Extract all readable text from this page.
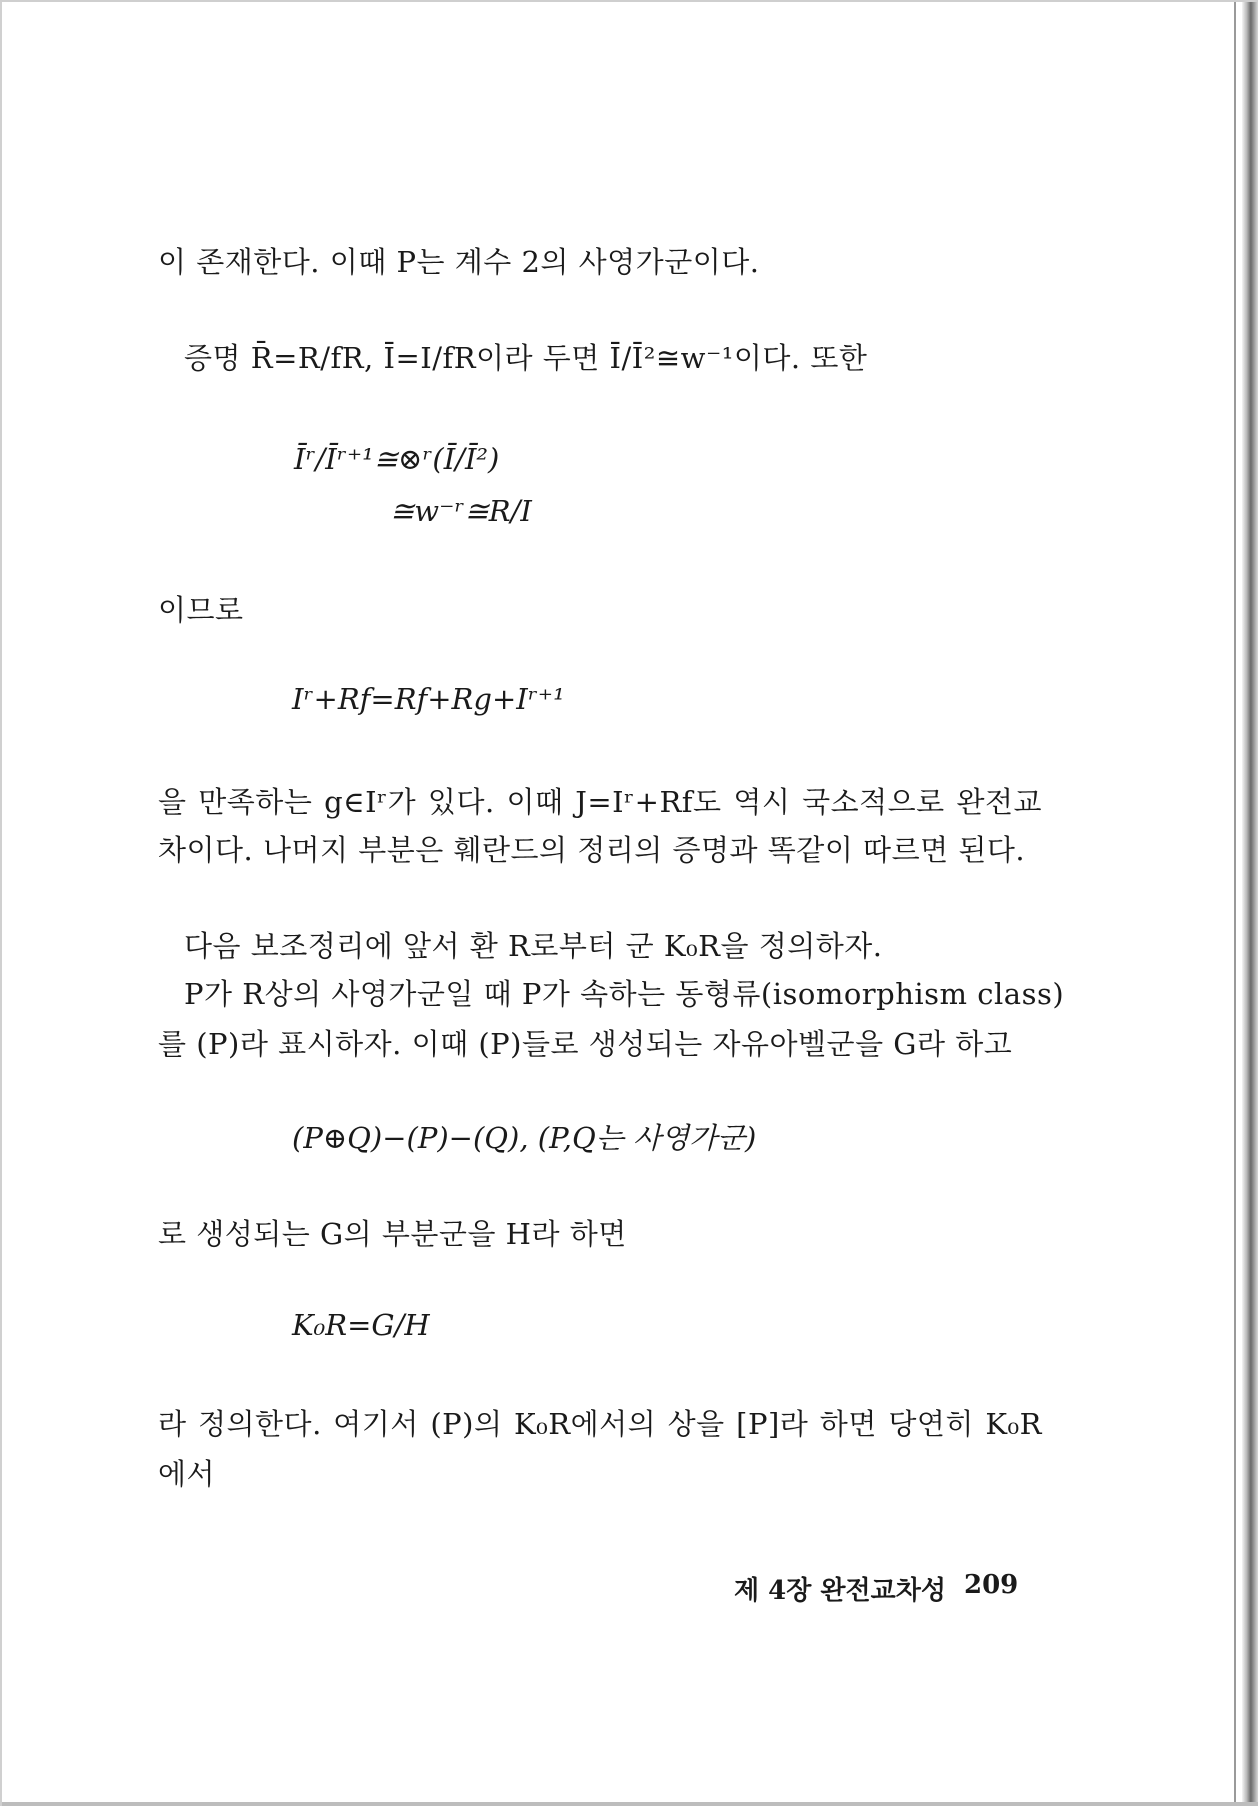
이 존재한다. 이때 P는 계수 2의 사영가군이다.
증명 R̄=R/fR, Ī=I/fR이라 두면 Ī/Ī²≅w⁻¹이다. 또한
Īʳ/Īʳ⁺¹≅⊗ʳ(Ī/Ī²)
≅w⁻ʳ≅R/I
이므로
Iʳ+Rf=Rf+Rg+Iʳ⁺¹
을 만족하는 g∈Iʳ가 있다. 이때 J=Iʳ+Rf도 역시 국소적으로 완전교
차이다. 나머지 부분은 훼란드의 정리의 증명과 똑같이 따르면 된다.
다음 보조정리에 앞서 환 R로부터 군 K₀R을 정의하자.
P가 R상의 사영가군일 때 P가 속하는 동형류(isomorphism class)
를 (P)라 표시하자. 이때 (P)들로 생성되는 자유아벨군을 G라 하고
(P⊕Q)−(P)−(Q), (P,Q는 사영가군)
로 생성되는 G의 부분군을 H라 하면
K₀R=G/H
라 정의한다. 여기서 (P)의 K₀R에서의 상을 [P]라 하면 당연히 K₀R
에서
제 4장 완전교차성 209
